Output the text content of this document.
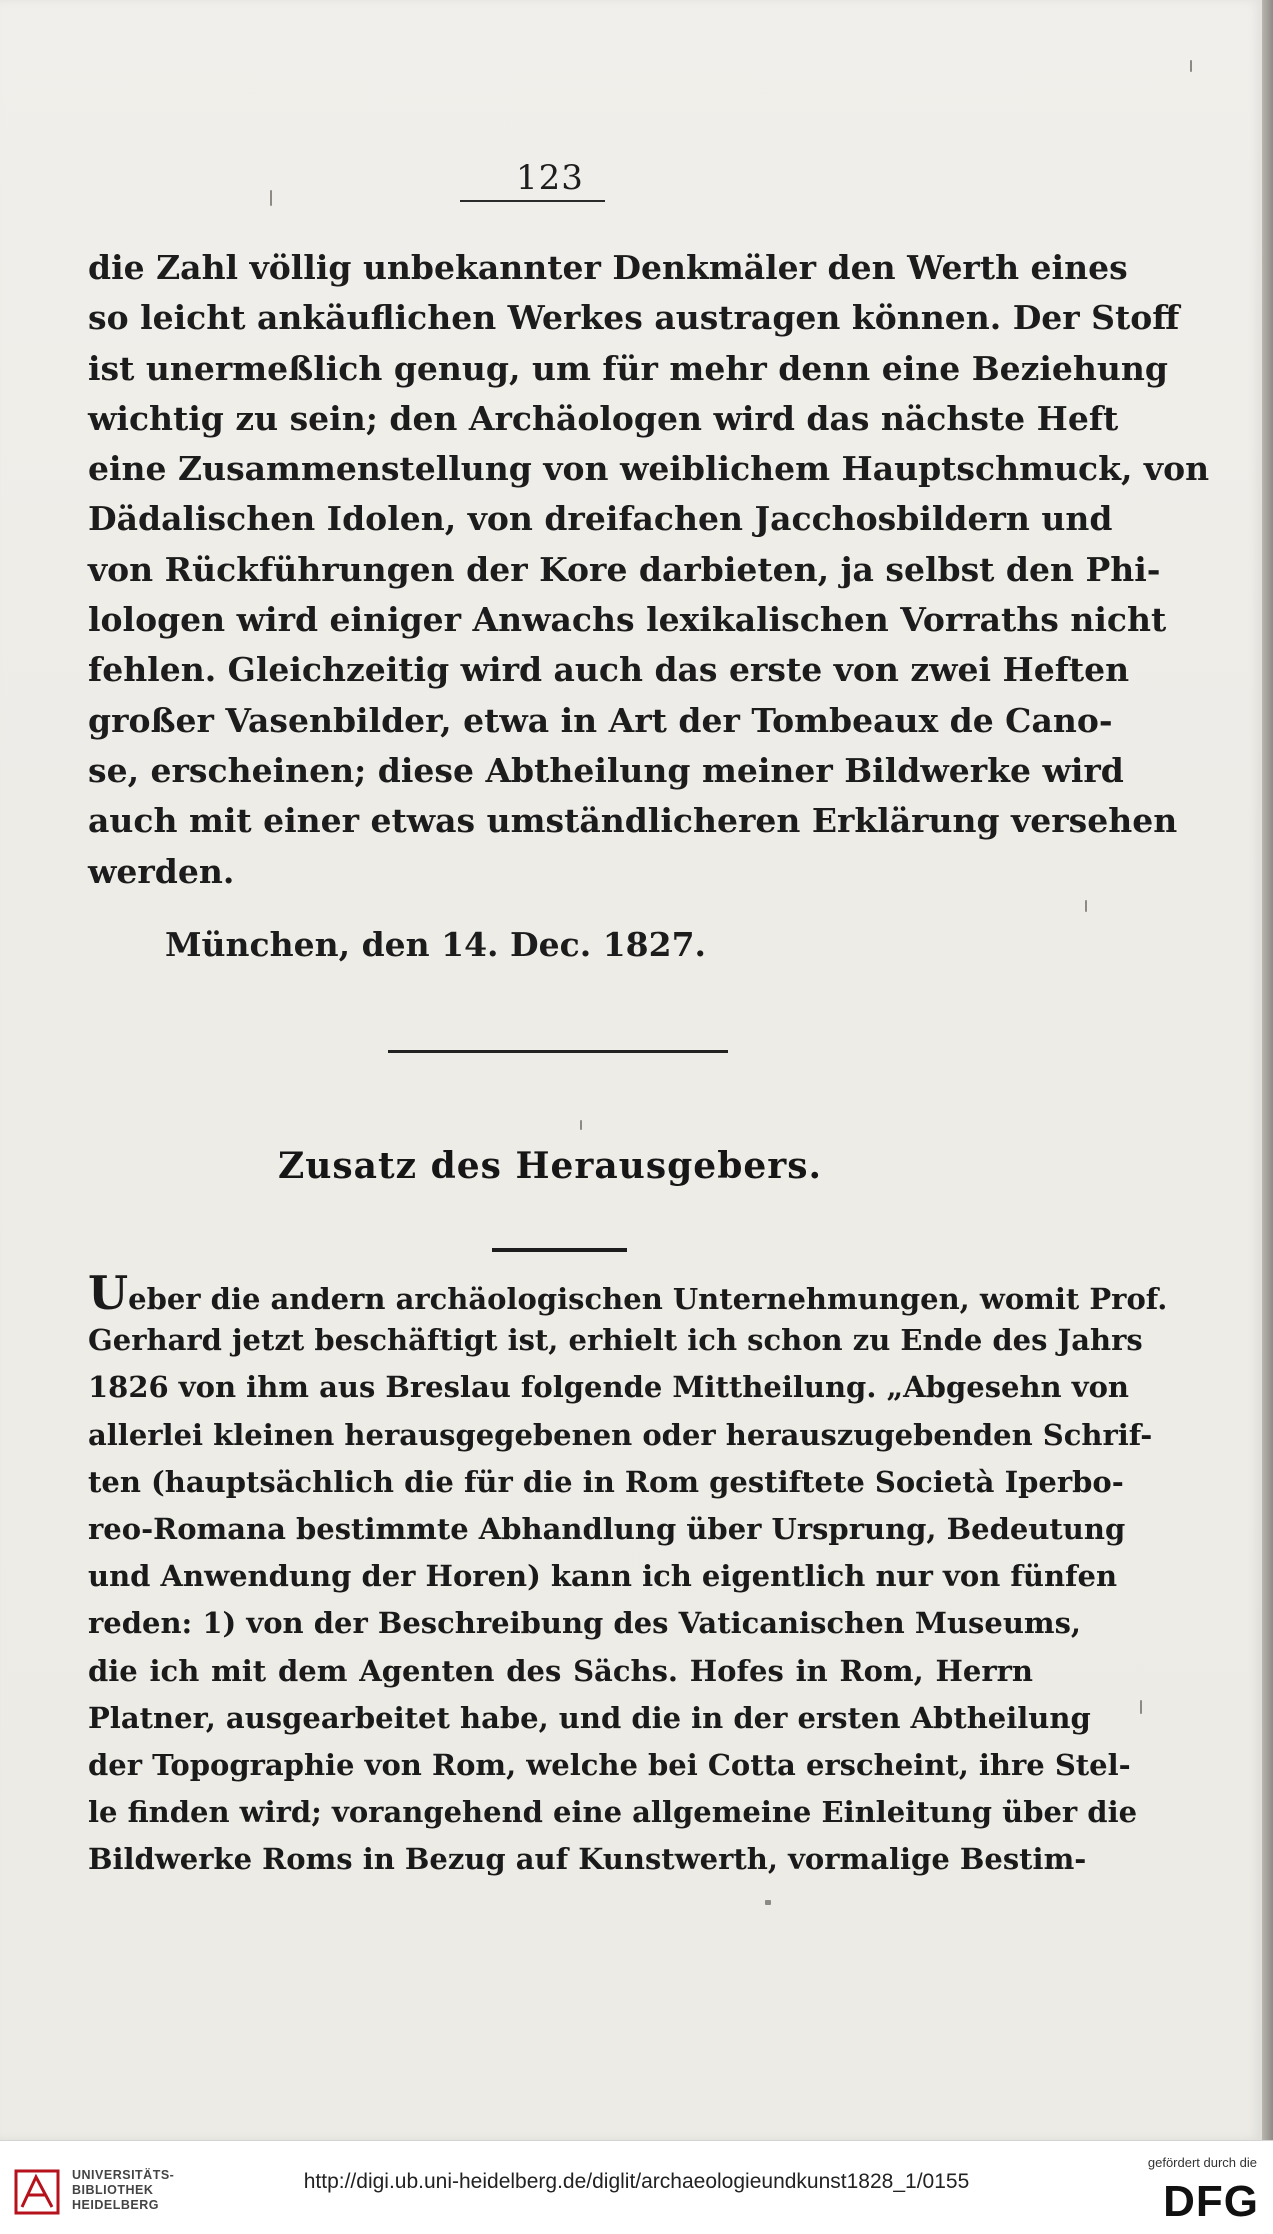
123
die Zahl völlig unbekannter Denkmäler den Werth eines
so leicht ankäuflichen Werkes austragen können. Der Stoff
ist unermeßlich genug, um für mehr denn eine Beziehung
wichtig zu sein; den Archäologen wird das nächste Heft
eine Zusammenstellung von weiblichem Hauptschmuck, von
Dädalischen Idolen, von dreifachen Jacchosbildern und
von Rückführungen der Kore darbieten, ja selbst den Phi-
lologen wird einiger Anwachs lexikalischen Vorraths nicht
fehlen. Gleichzeitig wird auch das erste von zwei Heften
großer Vasenbilder, etwa in Art der Tombeaux de Cano-
se, erscheinen; diese Abtheilung meiner Bildwerke wird
auch mit einer etwas umständlicheren Erklärung versehen
werden.
München, den 14. Dec. 1827.
Zusatz des Herausgebers.
Ueber die andern archäologischen Unternehmungen, womit Prof.
Gerhard jetzt beschäftigt ist, erhielt ich schon zu Ende des Jahrs
1826 von ihm aus Breslau folgende Mittheilung. „Abgesehn von
allerlei kleinen herausgegebenen oder herauszugebenden Schrif-
ten (hauptsächlich die für die in Rom gestiftete Società Iperbo-
reo-Romana bestimmte Abhandlung über Ursprung, Bedeutung
und Anwendung der Horen) kann ich eigentlich nur von fünfen
reden: 1) von der Beschreibung des Vaticanischen Museums,
die ich mit dem Agenten des Sächs. Hofes in Rom, Herrn
Platner, ausgearbeitet habe, und die in der ersten Abtheilung
der Topographie von Rom, welche bei Cotta erscheint, ihre Stel-
le finden wird; vorangehend eine allgemeine Einleitung über die
Bildwerke Roms in Bezug auf Kunstwerth, vormalige Bestim-
UNIVERSITÄTS-
BIBLIOTHEK
HEIDELBERG
http://digi.ub.uni-heidelberg.de/diglit/archaeologieundkunst1828_1/0155
gefördert durch die
DFG
